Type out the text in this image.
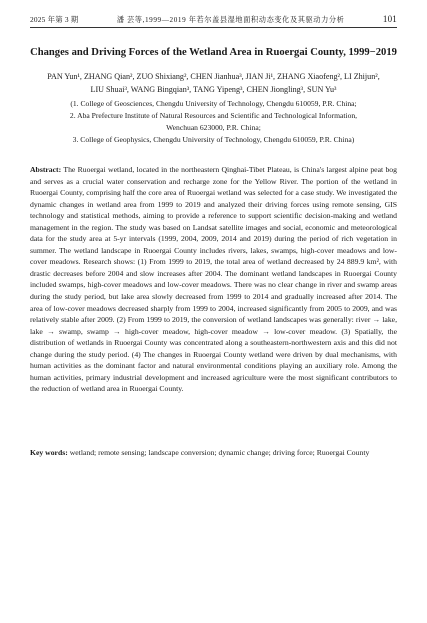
2025 年第 3 期	潘 芸等,1999—2019 年若尔盖县湿地面积动态变化及其驱动力分析	101
Changes and Driving Forces of the Wetland Area in Ruoergai County, 1999−2019
PAN Yun¹, ZHANG Qian², ZUO Shixiang², CHEN Jianhua³, JIAN Ji¹, ZHANG Xiaofeng², LI Zhijun²,
LIU Shuai³, WANG Bingqian³, TANG Yipeng³, CHEN Jiongling³, SUN Yu³
(1. College of Geosciences, Chengdu University of Technology, Chengdu 610059, P.R. China;
2. Aba Prefecture Institute of Natural Resources and Scientific and Technological Information,
Wenchuan 623000, P.R. China;
3. College of Geophysics, Chengdu University of Technology, Chengdu 610059, P.R. China)
Abstract: The Ruoergai wetland, located in the northeastern Qinghai-Tibet Plateau, is China's largest alpine peat bog and serves as a crucial water conservation and recharge zone for the Yellow River. The portion of the wetland in Ruoergai County, comprising half the core area of Ruoergai wetland was selected for a case study. We investigated the dynamic changes in wetland area from 1999 to 2019 and analyzed their driving forces using remote sensing, GIS technology and statistical methods, aiming to provide a reference to support scientific decision-making and wetland management in the region. The study was based on Landsat satellite images and social, economic and meteorological data for the study area at 5-yr intervals (1999, 2004, 2009, 2014 and 2019) during the period of rich vegetation in summer. The wetland landscape in Ruoergai County includes rivers, lakes, swamps, high-cover meadows and low-cover meadows. Research shows: (1) From 1999 to 2019, the total area of wetland decreased by 24 889.9 km², with drastic decreases before 2004 and slow increases after 2004. The dominant wetland landscapes in Ruoergai County included swamps, high-cover meadows and low-cover meadows. There was no clear change in river and swamp areas during the study period, but lake area slowly decreased from 1999 to 2014 and gradually increased after 2014. The area of low-cover meadows decreased sharply from 1999 to 2004, increased significantly from 2005 to 2009, and was relatively stable after 2009. (2) From 1999 to 2019, the conversion of wetland landscapes was generally: river → lake, lake → swamp, swamp → high-cover meadow, high-cover meadow → low-cover meadow. (3) Spatially, the distribution of wetlands in Ruoergai County was concentrated along a southeastern-northwestern axis and this did not change during the study period. (4) The changes in Ruoergai County wetland were driven by dual mechanisms, with human activities as the dominant factor and natural environmental conditions playing an auxiliary role. Among the human activities, primary industrial development and increased agriculture were the most significant contributors to the reduction of wetland area in Ruoergai County.
Key words: wetland; remote sensing; landscape conversion; dynamic change; driving force; Ruoergai County
